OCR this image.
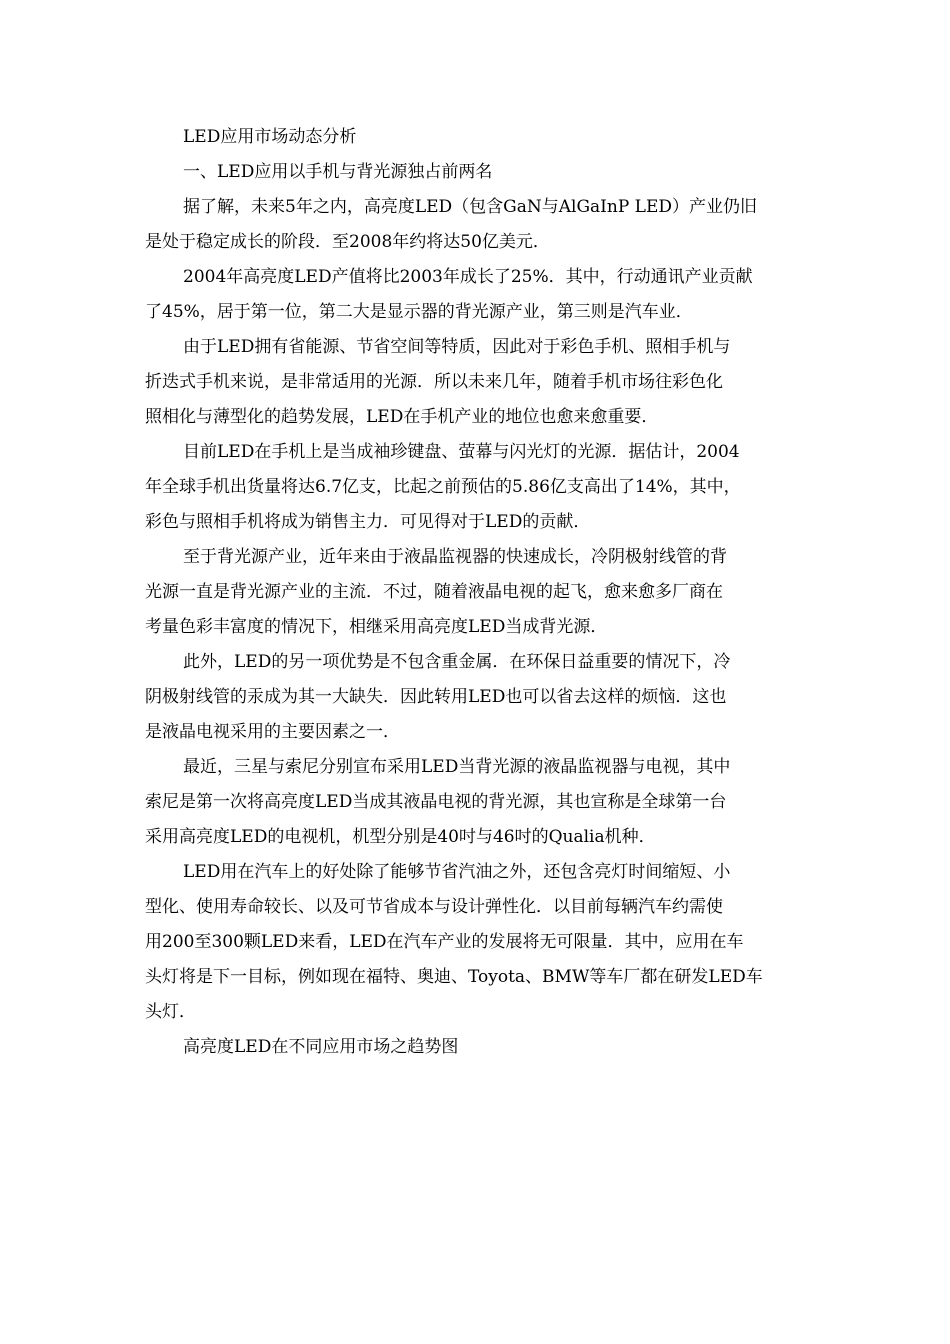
LED应用市场动态分析

一、LED应用以手机与背光源独占前两名

据了解，未来5年之内，高亮度LED（包含GaN与AlGaInP LED）产业仍旧

是处于稳定成长的阶段．至2008年约将达50亿美元．

2004年高亮度LED产值将比2003年成长了25%．其中，行动通讯产业贡献

了45%，居于第一位，第二大是显示器的背光源产业，第三则是汽车业．

由于LED拥有省能源、节省空间等特质，因此对于彩色手机、照相手机与

折迭式手机来说，是非常适用的光源．所以未来几年，随着手机市场往彩色化

照相化与薄型化的趋势发展，LED在手机产业的地位也愈来愈重要．

目前LED在手机上是当成袖珍键盘、萤幕与闪光灯的光源．据估计，2004

年全球手机出货量将达6.7亿支，比起之前预估的5.86亿支高出了14%，其中，

彩色与照相手机将成为销售主力．可见得对于LED的贡献．

至于背光源产业，近年来由于液晶监视器的快速成长，冷阴极射线管的背

光源一直是背光源产业的主流．不过，随着液晶电视的起飞，愈来愈多厂商在

考量色彩丰富度的情况下，相继采用高亮度LED当成背光源．

此外，LED的另一项优势是不包含重金属．在环保日益重要的情况下，冷

阴极射线管的汞成为其一大缺失．因此转用LED也可以省去这样的烦恼．这也

是液晶电视采用的主要因素之一．

最近，三星与索尼分别宣布采用LED当背光源的液晶监视器与电视，其中

索尼是第一次将高亮度LED当成其液晶电视的背光源，其也宣称是全球第一台

采用高亮度LED的电视机，机型分别是40吋与46吋的Qualia机种．

LED用在汽车上的好处除了能够节省汽油之外，还包含亮灯时间缩短、小

型化、使用寿命较长、以及可节省成本与设计弹性化．以目前每辆汽车约需使

用200至300颗LED来看，LED在汽车产业的发展将无可限量．其中，应用在车

头灯将是下一目标，例如现在福特、奥迪、Toyota、BMW等车厂都在研发LED车

头灯．

高亮度LED在不同应用市场之趋势图
